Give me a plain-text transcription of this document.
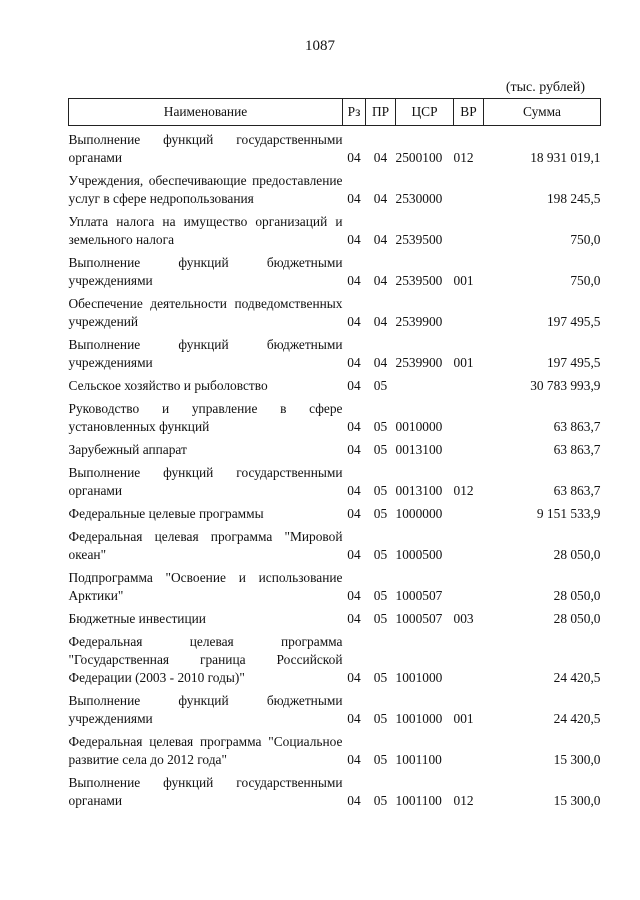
1087
(тыс. рублей)
Наименование	Рз	ПР	ЦСР	ВР	Сумма
Выполнение функций государственными органами	04	04	2500100	012	18 931 019,1
Учреждения, обеспечивающие предоставление услуг в сфере недропользования	04	04	2530000		198 245,5
Уплата налога на имущество организаций и земельного налога	04	04	2539500		750,0
Выполнение функций бюджетными учреждениями	04	04	2539500	001	750,0
Обеспечение деятельности подведомственных учреждений	04	04	2539900		197 495,5
Выполнение функций бюджетными учреждениями	04	04	2539900	001	197 495,5
Сельское хозяйство и рыболовство	04	05			30 783 993,9
Руководство и управление в сфере установленных функций	04	05	0010000		63 863,7
Зарубежный аппарат	04	05	0013100		63 863,7
Выполнение функций государственными органами	04	05	0013100	012	63 863,7
Федеральные целевые программы	04	05	1000000		9 151 533,9
Федеральная целевая программа "Мировой океан"	04	05	1000500		28 050,0
Подпрограмма "Освоение и использование Арктики"	04	05	1000507		28 050,0
Бюджетные инвестиции	04	05	1000507	003	28 050,0
Федеральная целевая программа "Государственная граница Российской Федерации (2003 - 2010 годы)"	04	05	1001000		24 420,5
Выполнение функций бюджетными учреждениями	04	05	1001000	001	24 420,5
Федеральная целевая программа "Социальное развитие села до 2012 года"	04	05	1001100		15 300,0
Выполнение функций государственными органами	04	05	1001100	012	15 300,0
